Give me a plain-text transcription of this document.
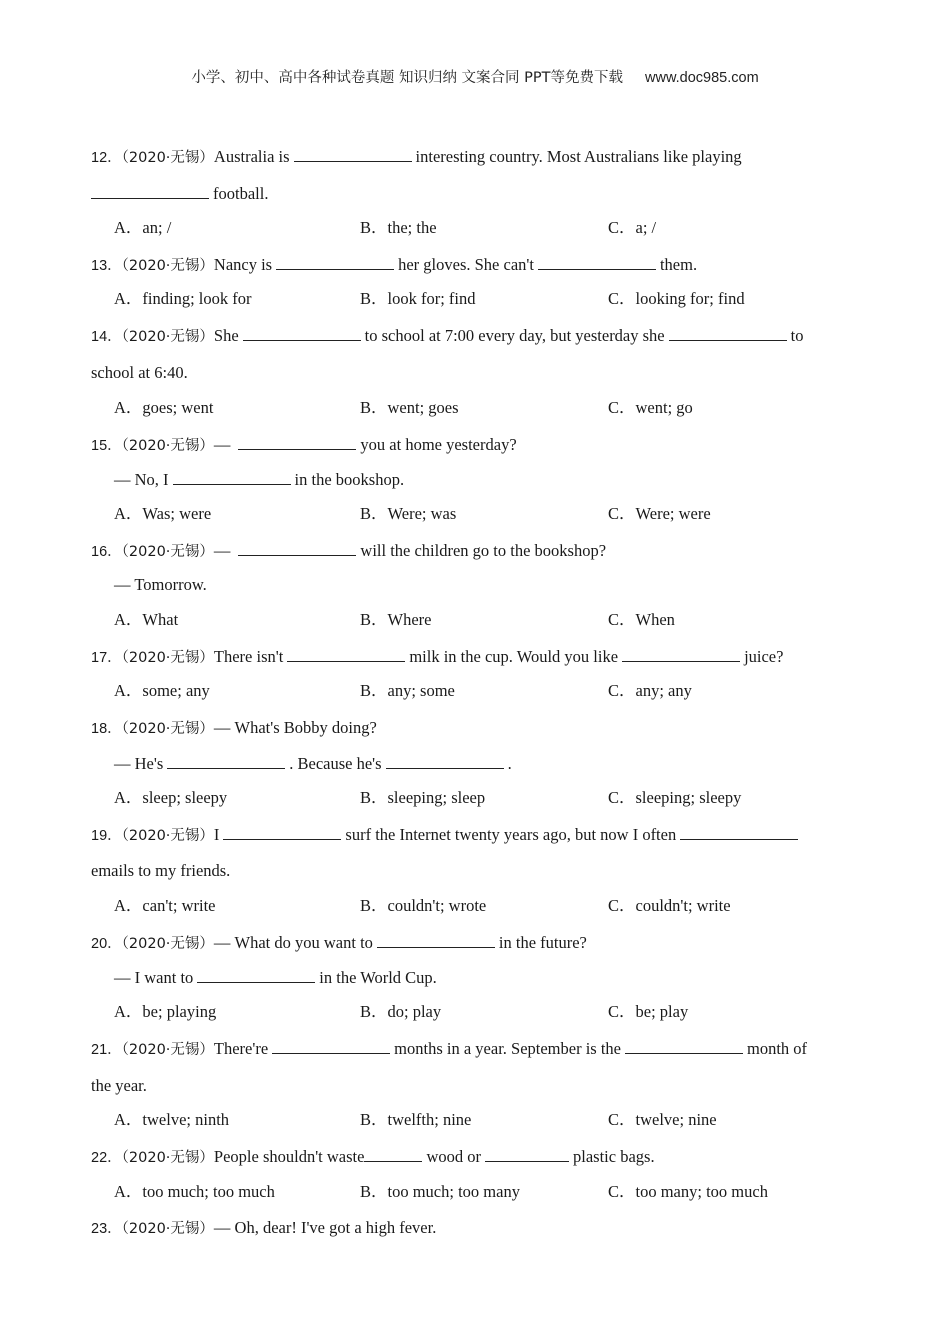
小学、初中、高中各种试卷真题 知识归纳 文案合同 PPT等免费下载 www.doc985.com
12．（2020·无锡）Australia is	interesting country. Most Australians like playing
football.
A．an; /	B．the; the	C．a; /
13．（2020·无锡）Nancy is	her gloves. She can't	them.
A．finding; look for	B．look for; find	C．looking for; find
14．（2020·无锡）She	to school at 7:00 every day, but yesterday she	to
school at 6:40.
A．goes; went	B．went; goes	C．went; go
15．（2020·无锡）—	you at home yesterday?
— No, I	in the bookshop.
A．Was; were	B．Were; was	C．Were; were
16．（2020·无锡）—	will the children go to the bookshop?
— Tomorrow.
A．What	B．Where	C．When
17．（2020·无锡）There isn't	milk in the cup. Would you like	juice?
A．some; any	B．any; some	C．any; any
18．（2020·无锡）— What's Bobby doing?
— He's	. Because he's	.
A．sleep; sleepy	B．sleeping; sleep	C．sleeping; sleepy
19．（2020·无锡）I	surf the Internet twenty years ago, but now I often
emails to my friends.
A．can't; write	B．couldn't; wrote	C．couldn't; write
20．（2020·无锡）— What do you want to	in the future?
— I want to	in the World Cup.
A．be; playing	B．do; play	C．be; play
21．（2020·无锡）There're	months in a year. September is the	month of
the year.
A．twelve; ninth	B．twelfth; nine	C．twelve; nine
22．（2020·无锡）People shouldn't waste	wood or	plastic bags.
A．too much; too much	B．too much; too many	C．too many; too much
23．（2020·无锡）— Oh, dear! I've got a high fever.
